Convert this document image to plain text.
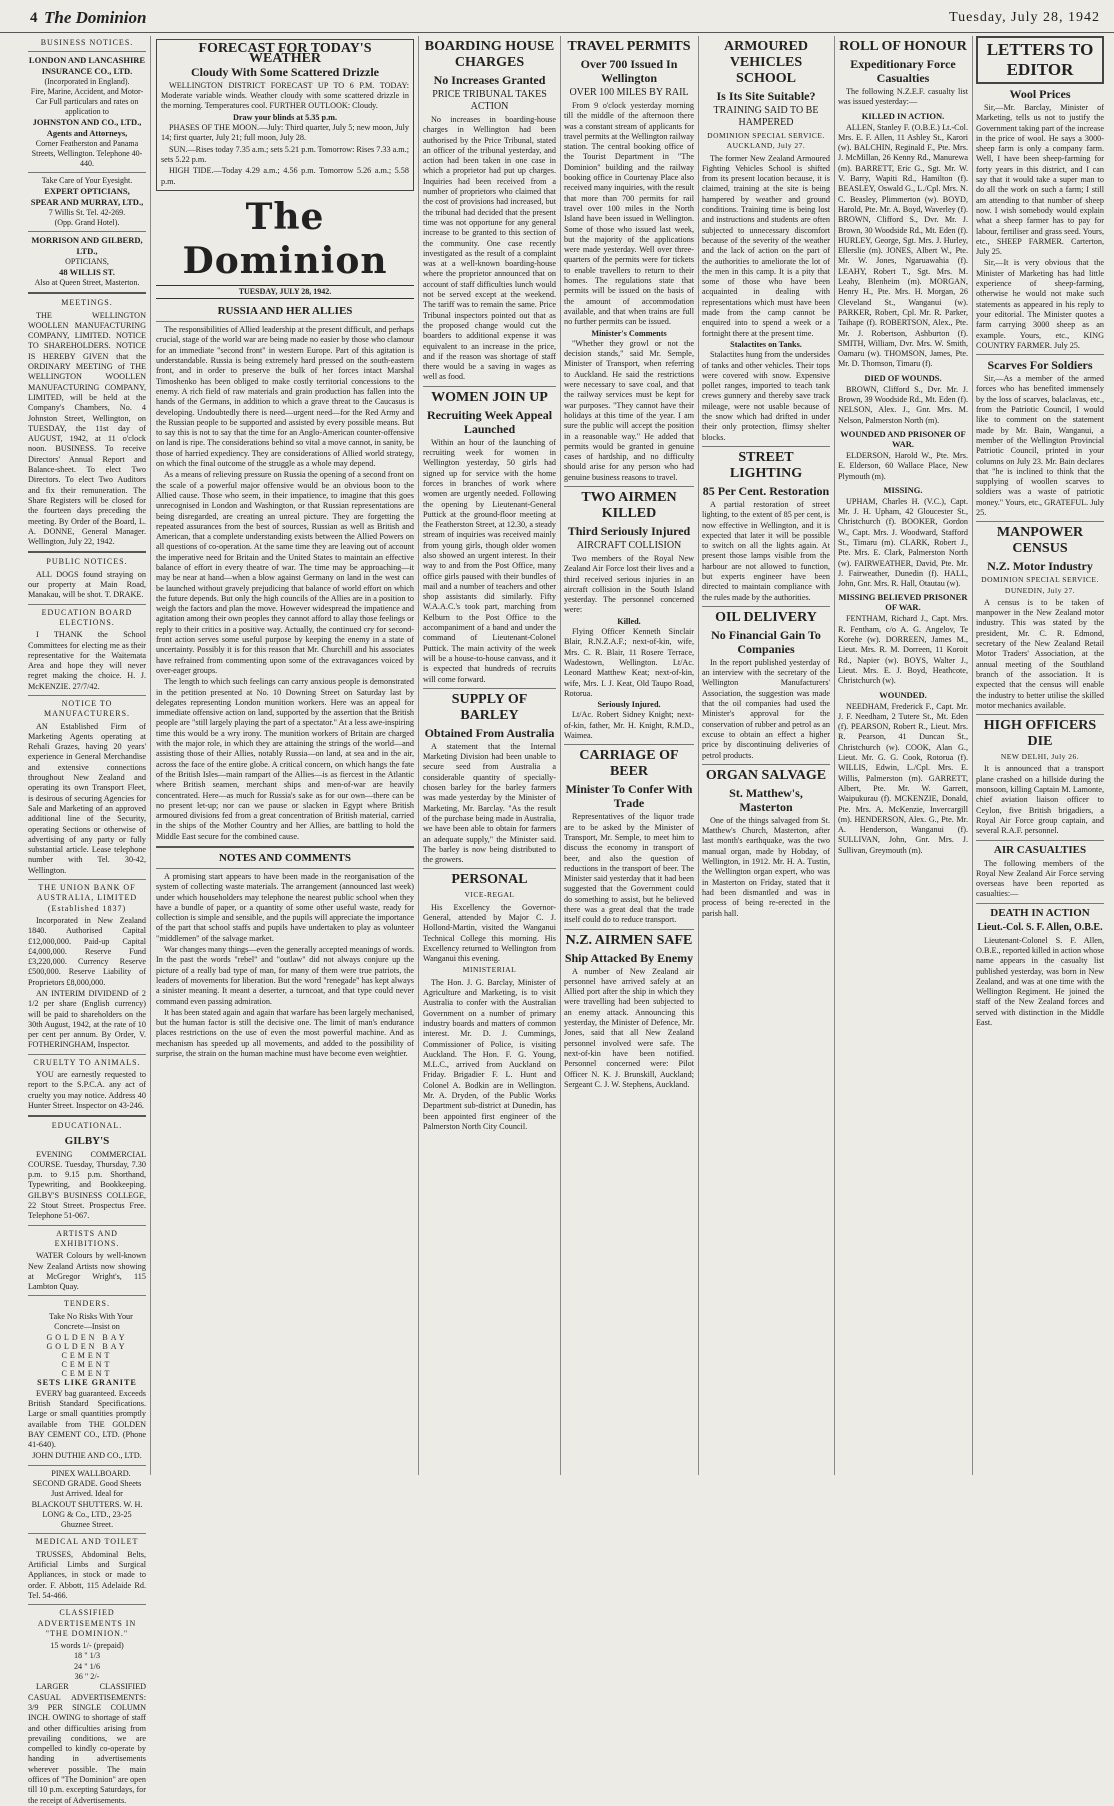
4 The Dominion	Tuesday, July 28, 1942
BUSINESS NOTICES.
LONDON AND LANCASHIRE
INSURANCE CO., LTD.
(Incorporated in England).
Fire, Marine, Accident, and Motor-Car Full particulars and rates on application to
JOHNSTON AND CO., LTD., Agents and Attorneys,
Corner Featherston and Panama Streets, Wellington. Telephone 40-440.
Take Care of Your Eyesight.
EXPERT OPTICIANS,
SPEAR AND MURRAY, LTD.,
7 Willis St. Tel. 42-269.
(Opp. Grand Hotel).
MORRISON AND GILBERD, LTD.,
OPTICIANS,
48 WILLIS ST.
Also at Queen Street, Masterton.
MEETINGS.

THE WELLINGTON WOOLLEN MANUFACTURING COMPANY, LIMITED. NOTICE TO SHAREHOLDERS. NOTICE IS HEREBY GIVEN that the ORDINARY MEETING of THE WELLINGTON WOOLLEN MANUFACTURING COMPANY, LIMITED, will be held at the Company's Chambers, No. 4 Johnston Street, Wellington, on TUESDAY, the 11st day of AUGUST, 1942, at 11 o'clock noon. BUSINESS. To receive Directors' Annual Report and Balance-sheet. To elect Two Directors. To elect Two Auditors and fix their remuneration. The Share Registers will be closed for the fourteen days preceding the meeting. By Order of the Board, L. A. DONNE, General Manager. Wellington, July 22, 1942.

PUBLIC NOTICES.

ALL DOGS found straying on our property at Main Road, Manakau, will be shot. T. DRAKE.

EDUCATION BOARD ELECTIONS.

I THANK the School Committees for electing me as their representative for the Waitemata Area and hope they will never regret making the choice. H. J. McKENZIE. 27/7/42.

NOTICE TO MANUFACTURERS.

AN Established Firm of Marketing Agents operating at Rehali Grazes, having 20 years' experience in General Merchandise and extensive connections throughout New Zealand and operating its own Transport Fleet, is desirous of securing Agencies for Sale and Marketing of an approved additional line of the Security, operating Sections or otherwise of advertising of any party or fully substantial article. Lease telephone number with Tel. 30-42, Wellington.

THE UNION BANK OF AUSTRALIA, LIMITED (Established 1837)

Incorporated in New Zealand 1840. Authorised Capital £12,000,000. Paid-up Capital £4,000,000. Reserve Fund £3,220,000. Currency Reserve £500,000. Reserve Liability of Proprietors £8,000,000.

AN INTERIM DIVIDEND of 2 1/2 per share (English currency) will be paid to shareholders on the 30th August, 1942, at the rate of 10 per cent per annum. By Order, V. FOTHERINGHAM, Inspector.

CRUELTY TO ANIMALS.

YOU are earnestly requested to report to the S.P.C.A. any act of cruelty you may notice. Address 40 Hunter Street. Inspector on 43-246.

EDUCATIONAL.
GILBY'S

EVENING COMMERCIAL COURSE. Tuesday, Thursday, 7.30 p.m. to 9.15 p.m. Shorthand, Typewriting, and Bookkeeping. GILBY'S BUSINESS COLLEGE, 22 Stout Street. Prospectus Free. Telephone 51-067.

ARTISTS AND EXHIBITIONS.

WATER Colours by well-known New Zealand Artists now showing at McGregor Wright's, 115 Lambton Quay.

TENDERS.

Take No Risks With Your Concrete—Insist on

GOLDEN BAY
GOLDEN BAY
CEMENT
CEMENT
CEMENT
SETS LIKE GRANITE

EVERY bag guaranteed. Exceeds British Standard Specifications. Large or small quantities promptly available from THE GOLDEN BAY CEMENT CO., LTD. (Phone 41-640).

JOHN DUTHIE AND CO., LTD.

PINEX WALLBOARD. SECOND GRADE. Good Sheets Just Arrived. Ideal for BLACKOUT SHUTTERS. W. H. LONG & Co., LTD., 23-25 Ghuznee Street.

MEDICAL AND TOILET

TRUSSES, Abdominal Belts, Artificial Limbs and Surgical Appliances, in stock or made to order. F. Abbott, 115 Adelaide Rd. Tel. 54-466.

CLASSIFIED ADVERTISEMENTS IN "THE DOMINION."
15 words 1/- (prepaid)
18 " 1/3
24 " 1/6
36 " 2/-

LARGER CLASSIFIED CASUAL ADVERTISEMENTS: 3/9 PER SINGLE COLUMN INCH. OWING to shortage of staff and other difficulties arising from prevailing conditions, we are compelled to kindly co-operate by handing in advertisements wherever possible. The main offices of "The Dominion" are open till 10 p.m. excepting Saturdays, for the receipt of Advertisements.

FORECAST FOR TODAY'S WEATHER
Cloudy With Some Scattered Drizzle

WELLINGTON DISTRICT FORECAST UP TO 6 P.M. TODAY: Moderate variable winds. Weather cloudy with some scattered drizzle in the morning. Temperatures cool. FURTHER OUTLOOK: Cloudy.

Draw your blinds at 5.35 p.m.

PHASES OF THE MOON.—July: Third quarter, July 5; new moon, July 14; first quarter, July 21; full moon, July 28.

SUN.—Rises today 7.35 a.m.; sets 5.21 p.m. Tomorrow: Rises 7.33 a.m.; sets 5.22 p.m.

HIGH TIDE.—Today 4.29 a.m.; 4.56 p.m. Tomorrow 5.26 a.m.; 5.58 p.m.

The Dominion
TUESDAY, JULY 28, 1942.
RUSSIA AND HER ALLIES

The responsibilities of Allied leadership at the present difficult, and perhaps crucial, stage of the world war are being made no easier by those who clamour for an immediate "second front" in western Europe. Part of this agitation is understandable. Russia is being extremely hard pressed on the south-eastern front, and in order to preserve the bulk of her forces intact Marshal Timoshenko has been obliged to make costly territorial concessions to the enemy. A rich field of raw materials and grain production has fallen into the hands of the Germans, in addition to which a grave threat to the Caucasus is developing. Undoubtedly there is need—urgent need—for the Red Army and the Russian people to be supported and assisted by every possible means. But to say this is not to say that the time for an Anglo-American counter-offensive on land is ripe. The considerations behind so vital a move cannot, in sanity, be those of harried expediency. They are considerations of Allied world strategy, on which the final outcome of the struggle as a whole may depend.

As a means of relieving pressure on Russia the opening of a second front on the scale of a powerful major offensive would be an obvious boon to the Allied cause. Those who seem, in their impatience, to imagine that this goes unrecognised in London and Washington, or that Russian representations are being disregarded, are creating an unreal picture. They are forgetting the repeated assurances from the best of sources, Russian as well as British and American, that a complete understanding exists between the Allied Powers on all questions of co-operation. At the same time they are leaving out of account the imperative need for Britain and the United States to maintain an effective balance of effort in every theatre of war. The time may be approaching—it may be near at hand—when a blow against Germany on land in the west can be launched without gravely prejudicing that balance of world effort on which the future depends. But only the high councils of the Allies are in a position to weigh the factors and plan the move. However widespread the impatience and agitation among their own peoples they cannot afford to allay those feelings or reply to their critics in a positive way. Actually, the continued cry for second-front action serves some useful purpose by keeping the enemy in a state of uncertainty. Possibly it is for this reason that Mr. Churchill and his associates have refrained from commenting upon some of the extravagances voiced by over-eager groups.

The length to which such feelings can carry anxious people is demonstrated in the petition presented at No. 10 Downing Street on Saturday last by delegates representing London munition workers. Here was an appeal for immediate offensive action on land, supported by the assertion that the British people are "still largely playing the part of a spectator." At a less awe-inspiring time this would be a wry irony. The munition workers of Britain are charged with the major role, in which they are attaining the strings of the world—and assisting those of their Allies, notably Russia—on land, at sea and in the air, across the face of the entire globe. A critical concern, on which hangs the fate of the British Isles—main rampart of the Allies—is as fiercest in the Atlantic where British seamen, merchant ships and men-of-war are heavily concentrated. Here—as much for Russia's sake as for our own—there can be no present let-up; nor can we pause or slacken in Egypt where British armoured divisions fed from a great concentration of British material, carried in the ships of the Mother Country and her Allies, are battling to hold the Middle East secure for the combined cause.

NOTES AND COMMENTS

A promising start appears to have been made in the reorganisation of the system of collecting waste materials. The arrangement (announced last week) under which householders may telephone the nearest public school when they have a bundle of paper, or a quantity of some other useful waste, ready for collection is simple and sensible, and the pupils will appreciate the importance of the part that school staffs and pupils have undertaken to play as volunteer "middlemen" of the salvage market.

War changes many things—even the generally accepted meanings of words. In the past the words "rebel" and "outlaw" did not always conjure up the picture of a really bad type of man, for many of them were true patriots, the leaders of movements for liberation. But the word "renegade" has kept always a sinister meaning. It meant a deserter, a turncoat, and that type could never command even passing admiration.

It has been stated again and again that warfare has been largely mechanised, but the human factor is still the decisive one. The limit of man's endurance places restrictions on the use of even the most powerful machine. And as mechanism has speeded up all movements, and added to the possibility of surprise, the strain on the human machine must have become even weightier.

BOARDING HOUSE CHARGES
No Increases Granted
PRICE TRIBUNAL TAKES ACTION

No increases in boarding-house charges in Wellington had been authorised by the Price Tribunal, stated an officer of the tribunal yesterday, and action had been taken in one case in which a proprietor had put up charges. Inquiries had been received from a number of proprietors who claimed that the cost of provisions had increased, but the tribunal had decided that the present time was not opportune for any general increase to be granted to this section of the community. One case recently investigated as the result of a complaint was at a well-known boarding-house where the proprietor announced that on account of staff difficulties lunch would not be served except at the weekend. The tariff was to remain the same. Price Tribunal inspectors pointed out that as the proposed change would cut the boarders to additional expense it was equivalent to an increase in the price, and if the reason was shortage of staff there would be a saving in wages as well as food.

WOMEN JOIN UP
Recruiting Week Appeal Launched

Within an hour of the launching of recruiting week for women in Wellington yesterday, 50 girls had signed up for service with the home forces in branches of work where women are urgently needed. Following the opening by Lieutenant-General Puttick at the ground-floor meeting at the Featherston Street, at 12.30, a steady stream of inquiries was received mainly from young girls, though older women also showed an urgent interest. In their way to and from the Post Office, many office girls paused with their bundles of mail and a number of teachers and other shop assistants did similarly. Fifty W.A.A.C.'s took part, marching from Kelburn to the Post Office to the accompaniment of a band and under the command of Lieutenant-Colonel Puttick. The main activity of the week will be a house-to-house canvass, and it is expected that hundreds of recruits will come forward.

SUPPLY OF BARLEY
Obtained From Australia

A statement that the Internal Marketing Division had been unable to secure seed from Australia a considerable quantity of specially-chosen barley for the barley farmers was made yesterday by the Minister of Marketing, Mr. Barclay. "As the result of the purchase being made in Australia, we have been able to obtain for farmers an adequate supply," the Minister said. The barley is now being distributed to the growers.

PERSONAL
VICE-REGAL

His Excellency the Governor-General, attended by Major C. J. Hollond-Martin, visited the Wanganui Technical College this morning. His Excellency returned to Wellington from Wanganui this evening.

MINISTERIAL

The Hon. J. G. Barclay, Minister of Agriculture and Marketing, is to visit Australia to confer with the Australian Government on a number of primary industry boards and matters of common interest. Mr. D. J. Cummings, Commissioner of Police, is visiting Auckland. The Hon. F. G. Young, M.L.C., arrived from Auckland on Friday. Brigadier F. L. Hunt and Colonel A. Bodkin are in Wellington. Mr. A. Dryden, of the Public Works Department sub-district at Dunedin, has been appointed first engineer of the Palmerston North City Council.

TRAVEL PERMITS
Over 700 Issued In Wellington
OVER 100 MILES BY RAIL

From 9 o'clock yesterday morning till the middle of the afternoon there was a constant stream of applicants for travel permits at the Wellington railway station. The central booking office of the Tourist Department in "The Dominion" building and the railway booking office in Courtenay Place also received many inquiries, with the result that more than 700 permits for rail travel over 100 miles in the North Island have been issued in Wellington. Some of those who issued last week, but the majority of the applications were made yesterday. Well over three-quarters of the permits were for tickets to enable travellers to return to their homes. The regulations state that permits will be issued on the basis of the amount of accommodation available, and that when trains are full no further permits can be issued.

Minister's Comments

"Whether they growl or not the decision stands," said Mr. Semple, Minister of Transport, when referring to Auckland. He said the restrictions were necessary to save coal, and that the railway services must be kept for war purposes. "They cannot have their holidays at this time of the year. I am sure the public will accept the position in a reasonable way." He added that permits would be granted in genuine cases of hardship, and no difficulty should arise for any person who had genuine business reasons to travel.

TWO AIRMEN KILLED
Third Seriously Injured
AIRCRAFT COLLISION

Two members of the Royal New Zealand Air Force lost their lives and a third received serious injuries in an aircraft collision in the South Island yesterday. The personnel concerned were:

Killed.

Flying Officer Kenneth Sinclair Blair, R.N.Z.A.F.; next-of-kin, wife, Mrs. C. R. Blair, 11 Rosere Terrace, Wadestown, Wellington. Lt/Ac. Leonard Matthew Keat; next-of-kin, wife, Mrs. I. J. Keat, Old Taupo Road, Rotorua.

Seriously Injured.

Lt/Ac. Robert Sidney Knight; next-of-kin, father, Mr. H. Knight, R.M.D., Waimea.

CARRIAGE OF BEER
Minister To Confer With Trade

Representatives of the liquor trade are to be asked by the Minister of Transport, Mr. Semple, to meet him to discuss the economy in transport of beer, and also the question of reductions in the transport of beer. The Minister said yesterday that it had been suggested that the Government could do something to assist, but he believed there was a great deal that the trade itself could do to reduce transport.

N.Z. AIRMEN SAFE
Ship Attacked By Enemy

A number of New Zealand air personnel have arrived safely at an Allied port after the ship in which they were travelling had been subjected to an enemy attack. Announcing this yesterday, the Minister of Defence, Mr. Jones, said that all New Zealand personnel involved were safe. The next-of-kin have been notified. Personnel concerned were: Pilot Officer N. K. J. Brunskill, Auckland; Sergeant C. J. W. Stephens, Auckland.

ARMOURED VEHICLES SCHOOL
Is Its Site Suitable?
TRAINING SAID TO BE HAMPERED
DOMINION SPECIAL SERVICE. AUCKLAND, July 27.

The former New Zealand Armoured Fighting Vehicles School is shifted from its present location because, it is claimed, training at the site is being hampered by weather and ground conditions. Training time is being lost and instructions and students are often subjected to unnecessary discomfort because of the severity of the weather and the lack of action on the part of the authorities to ameliorate the lot of the men in this camp. It is a pity that some of those who have been acquainted in dealing with representations which must have been made from the camp cannot be enquired into to spend a week or a fortnight there at the present time.

Stalactites on Tanks.

Stalactites hung from the undersides of tanks and other vehicles. Their tops were covered with snow. Expensive pollet ranges, imported to teach tank crews gunnery and thereby save track mileage, were not usable because of the snow which had drifted in under their only protection, flimsy shelter blocks.

STREET LIGHTING
85 Per Cent. Restoration

A partial restoration of street lighting, to the extent of 85 per cent, is now effective in Wellington, and it is expected that later it will be possible to switch on all the lights again. At present those lamps visible from the harbour are not allowed to function, but experts engineer have been directed to maintain compliance with the rules made by the authorities.

OIL DELIVERY
No Financial Gain To Companies

In the report published yesterday of an interview with the secretary of the Wellington Manufacturers' Association, the suggestion was made that the oil companies had used the Minister's approval for the conservation of rubber and petrol as an excuse to obtain an effect a higher price by discontinuing deliveries of petrol products.

ORGAN SALVAGE
St. Matthew's, Masterton

One of the things salvaged from St. Matthew's Church, Masterton, after last month's earthquake, was the two manual organ, made by Hobday, of Wellington, in 1912. Mr. H. A. Tustin, the Wellington organ expert, who was in Masterton on Friday, stated that it had been dismantled and was in process of being re-erected in the parish hall.

ROLL OF HONOUR
Expeditionary Force Casualties

The following N.Z.E.F. casualty list was issued yesterday:—

KILLED IN ACTION.

ALLEN, Stanley F. (O.B.E.) Lt.-Col. Mrs. E. F. Allen, 11 Ashley St., Karori (w). BALCHIN, Reginald F., Pte. Mrs. J. McMillan, 26 Kenny Rd., Manurewa (m). BARRETT, Eric G., Sgt. Mr. W. V. Barry, Wapiti Rd., Hamilton (f). BEASLEY, Oswald G., L./Cpl. Mrs. N. C. Beasley, Plimmerton (w). BOYD, Harold, Pte. Mr. A. Boyd, Waverley (f). BROWN, Clifford S., Dvr. Mr. J. Brown, 30 Woodside Rd., Mt. Eden (f). HURLEY, George, Sgt. Mrs. J. Hurley, Ellerslie (m). JONES, Albert W., Pte. Mr. W. Jones, Ngaruawahia (f). LEAHY, Robert T., Sgt. Mrs. M. Leahy, Blenheim (m). MORGAN, Henry H., Pte. Mrs. H. Morgan, 26 Cleveland St., Wanganui (w). PARKER, Robert, Cpl. Mr. R. Parker, Taihape (f). ROBERTSON, Alex., Pte. Mr. J. Robertson, Ashburton (f). SMITH, William, Dvr. Mrs. W. Smith, Oamaru (w). THOMSON, James, Pte. Mr. D. Thomson, Timaru (f).

DIED OF WOUNDS.

BROWN, Clifford S., Dvr. Mr. J. Brown, 39 Woodside Rd., Mt. Eden (f). NELSON, Alex. J., Gnr. Mrs. M. Nelson, Palmerston North (m).

WOUNDED AND PRISONER OF WAR.

ELDERSON, Harold W., Pte. Mrs. E. Elderson, 60 Wallace Place, New Plymouth (m).

MISSING.

UPHAM, Charles H. (V.C.), Capt. Mr. J. H. Upham, 42 Gloucester St., Christchurch (f). BOOKER, Gordon W., Capt. Mrs. J. Woodward, Stafford St., Timaru (m). CLARK, Robert J., Pte. Mrs. E. Clark, Palmerston North (w). FAIRWEATHER, David, Pte. Mr. J. Fairweather, Dunedin (f). HALL, John, Gnr. Mrs. R. Hall, Otautau (w).

MISSING BELIEVED PRISONER OF WAR.

FENTHAM, Richard J., Capt. Mrs. R. Fentham, c/o A. G. Angelov, Te Korehe (w). DORREEN, James M., Lieut. Mrs. R. M. Dorreen, 11 Koroit Rd., Napier (w). BOYS, Walter J., Lieut. Mrs. E. J. Boyd, Heathcote, Christchurch (w).

WOUNDED.

NEEDHAM, Frederick F., Capt. Mr. J. F. Needham, 2 Tutere St., Mt. Eden (f). PEARSON, Robert R., Lieut. Mrs. R. Pearson, 41 Duncan St., Christchurch (w). COOK, Alan G., Lieut. Mr. G. G. Cook, Rotorua (f). WILLIS, Edwin, L./Cpl. Mrs. E. Willis, Palmerston (m). GARRETT, Albert, Pte. Mr. W. Garrett, Waipukurau (f). MCKENZIE, Donald, Pte. Mrs. A. McKenzie, Invercargill (m). HENDERSON, Alex. G., Pte. Mr. A. Henderson, Wanganui (f). SULLIVAN, John, Gnr. Mrs. J. Sullivan, Greymouth (m).

LETTERS TO EDITOR
Wool Prices

Sir,—Mr. Barclay, Minister of Marketing, tells us not to justify the Government taking part of the increase in the price of wool. He says a 3000-sheep farm is only a company farm. Well, I have been sheep-farming for forty years in this district, and I can say that it would take a super man to do all the work on such a farm; I still am attending to that number of sheep now. I wish somebody would explain what a sheep farmer has to pay for labour, fertiliser and grass seed. Yours, etc., SHEEP FARMER. Carterton, July 25.

Sir,—It is very obvious that the Minister of Marketing has had little experience of sheep-farming, otherwise he would not make such statements as appeared in his reply to your editorial. The Minister quotes a farm carrying 3000 sheep as an example. Yours, etc., KING COUNTRY FARMER. July 25.

Scarves For Soldiers

Sir,—As a member of the armed forces who has benefited immensely by the loss of scarves, balaclavas, etc., from the Patriotic Council, I would like to comment on the statement made by Mr. Bain, Wanganui, a member of the Wellington Provincial Patriotic Council, printed in your columns on July 23. Mr. Bain declares that "he is inclined to think that the supplying of woollen scarves to soldiers was a waste of patriotic money." Yours, etc., GRATEFUL. July 25.

MANPOWER CENSUS
N.Z. Motor Industry
DOMINION SPECIAL SERVICE. DUNEDIN, July 27.

A census is to be taken of manpower in the New Zealand motor industry. This was stated by the president, Mr. C. R. Edmond, secretary of the New Zealand Retail Motor Traders' Association, at the annual meeting of the Southland branch of the association. It is expected that the census will enable the industry to better utilise the skilled motor mechanics available.

HIGH OFFICERS DIE
NEW DELHI, July 26.

It is announced that a transport plane crashed on a hillside during the monsoon, killing Captain M. Lamonte, chief aviation liaison officer to Ceylon, five British brigadiers, a Royal Air Force group captain, and several R.A.F. personnel.

AIR CASUALTIES

The following members of the Royal New Zealand Air Force serving overseas have been reported as casualties:—

DEATH IN ACTION
Lieut.-Col. S. F. Allen, O.B.E.

Lieutenant-Colonel S. F. Allen, O.B.E., reported killed in action whose name appears in the casualty list published yesterday, was born in New Zealand, and was at one time with the Wellington Regiment. He joined the staff of the New Zealand forces and served with distinction in the Middle East.
